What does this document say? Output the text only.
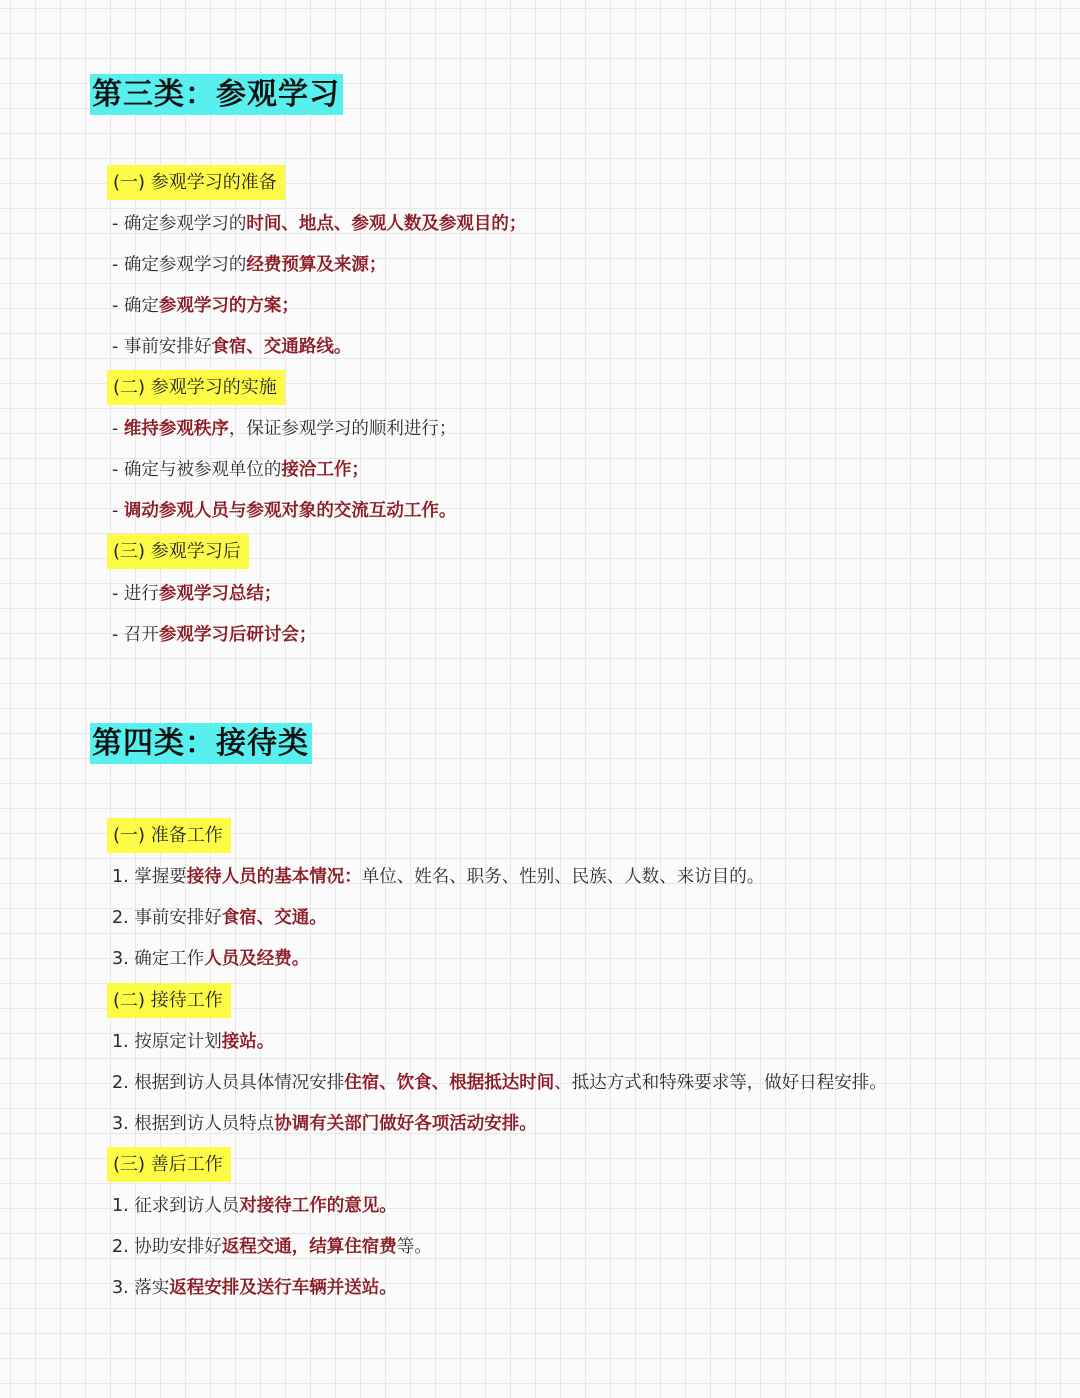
第三类：参观学习
(一) 参观学习的准备

- 确定参观学习的时间、地点、参观人数及参观目的；

- 确定参观学习的经费预算及来源；

- 确定参观学习的方案；

- 事前安排好食宿、交通路线。

(二) 参观学习的实施

- 维持参观秩序，保证参观学习的顺利进行；

- 确定与被参观单位的接洽工作；

- 调动参观人员与参观对象的交流互动工作。

(三) 参观学习后

- 进行参观学习总结；

- 召开参观学习后研讨会；

第四类：接待类
(一) 准备工作

1. 掌握要接待人员的基本情况：单位、姓名、职务、性别、民族、人数、来访目的。

2. 事前安排好食宿、交通。

3. 确定工作人员及经费。

(二) 接待工作

1. 按原定计划接站。

2. 根据到访人员具体情况安排住宿、饮食、根据抵达时间、抵达方式和特殊要求等，做好日程安排。

3. 根据到访人员特点协调有关部门做好各项活动安排。

(三) 善后工作

1. 征求到访人员对接待工作的意见。

2. 协助安排好返程交通，结算住宿费等。

3. 落实返程安排及送行车辆并送站。
